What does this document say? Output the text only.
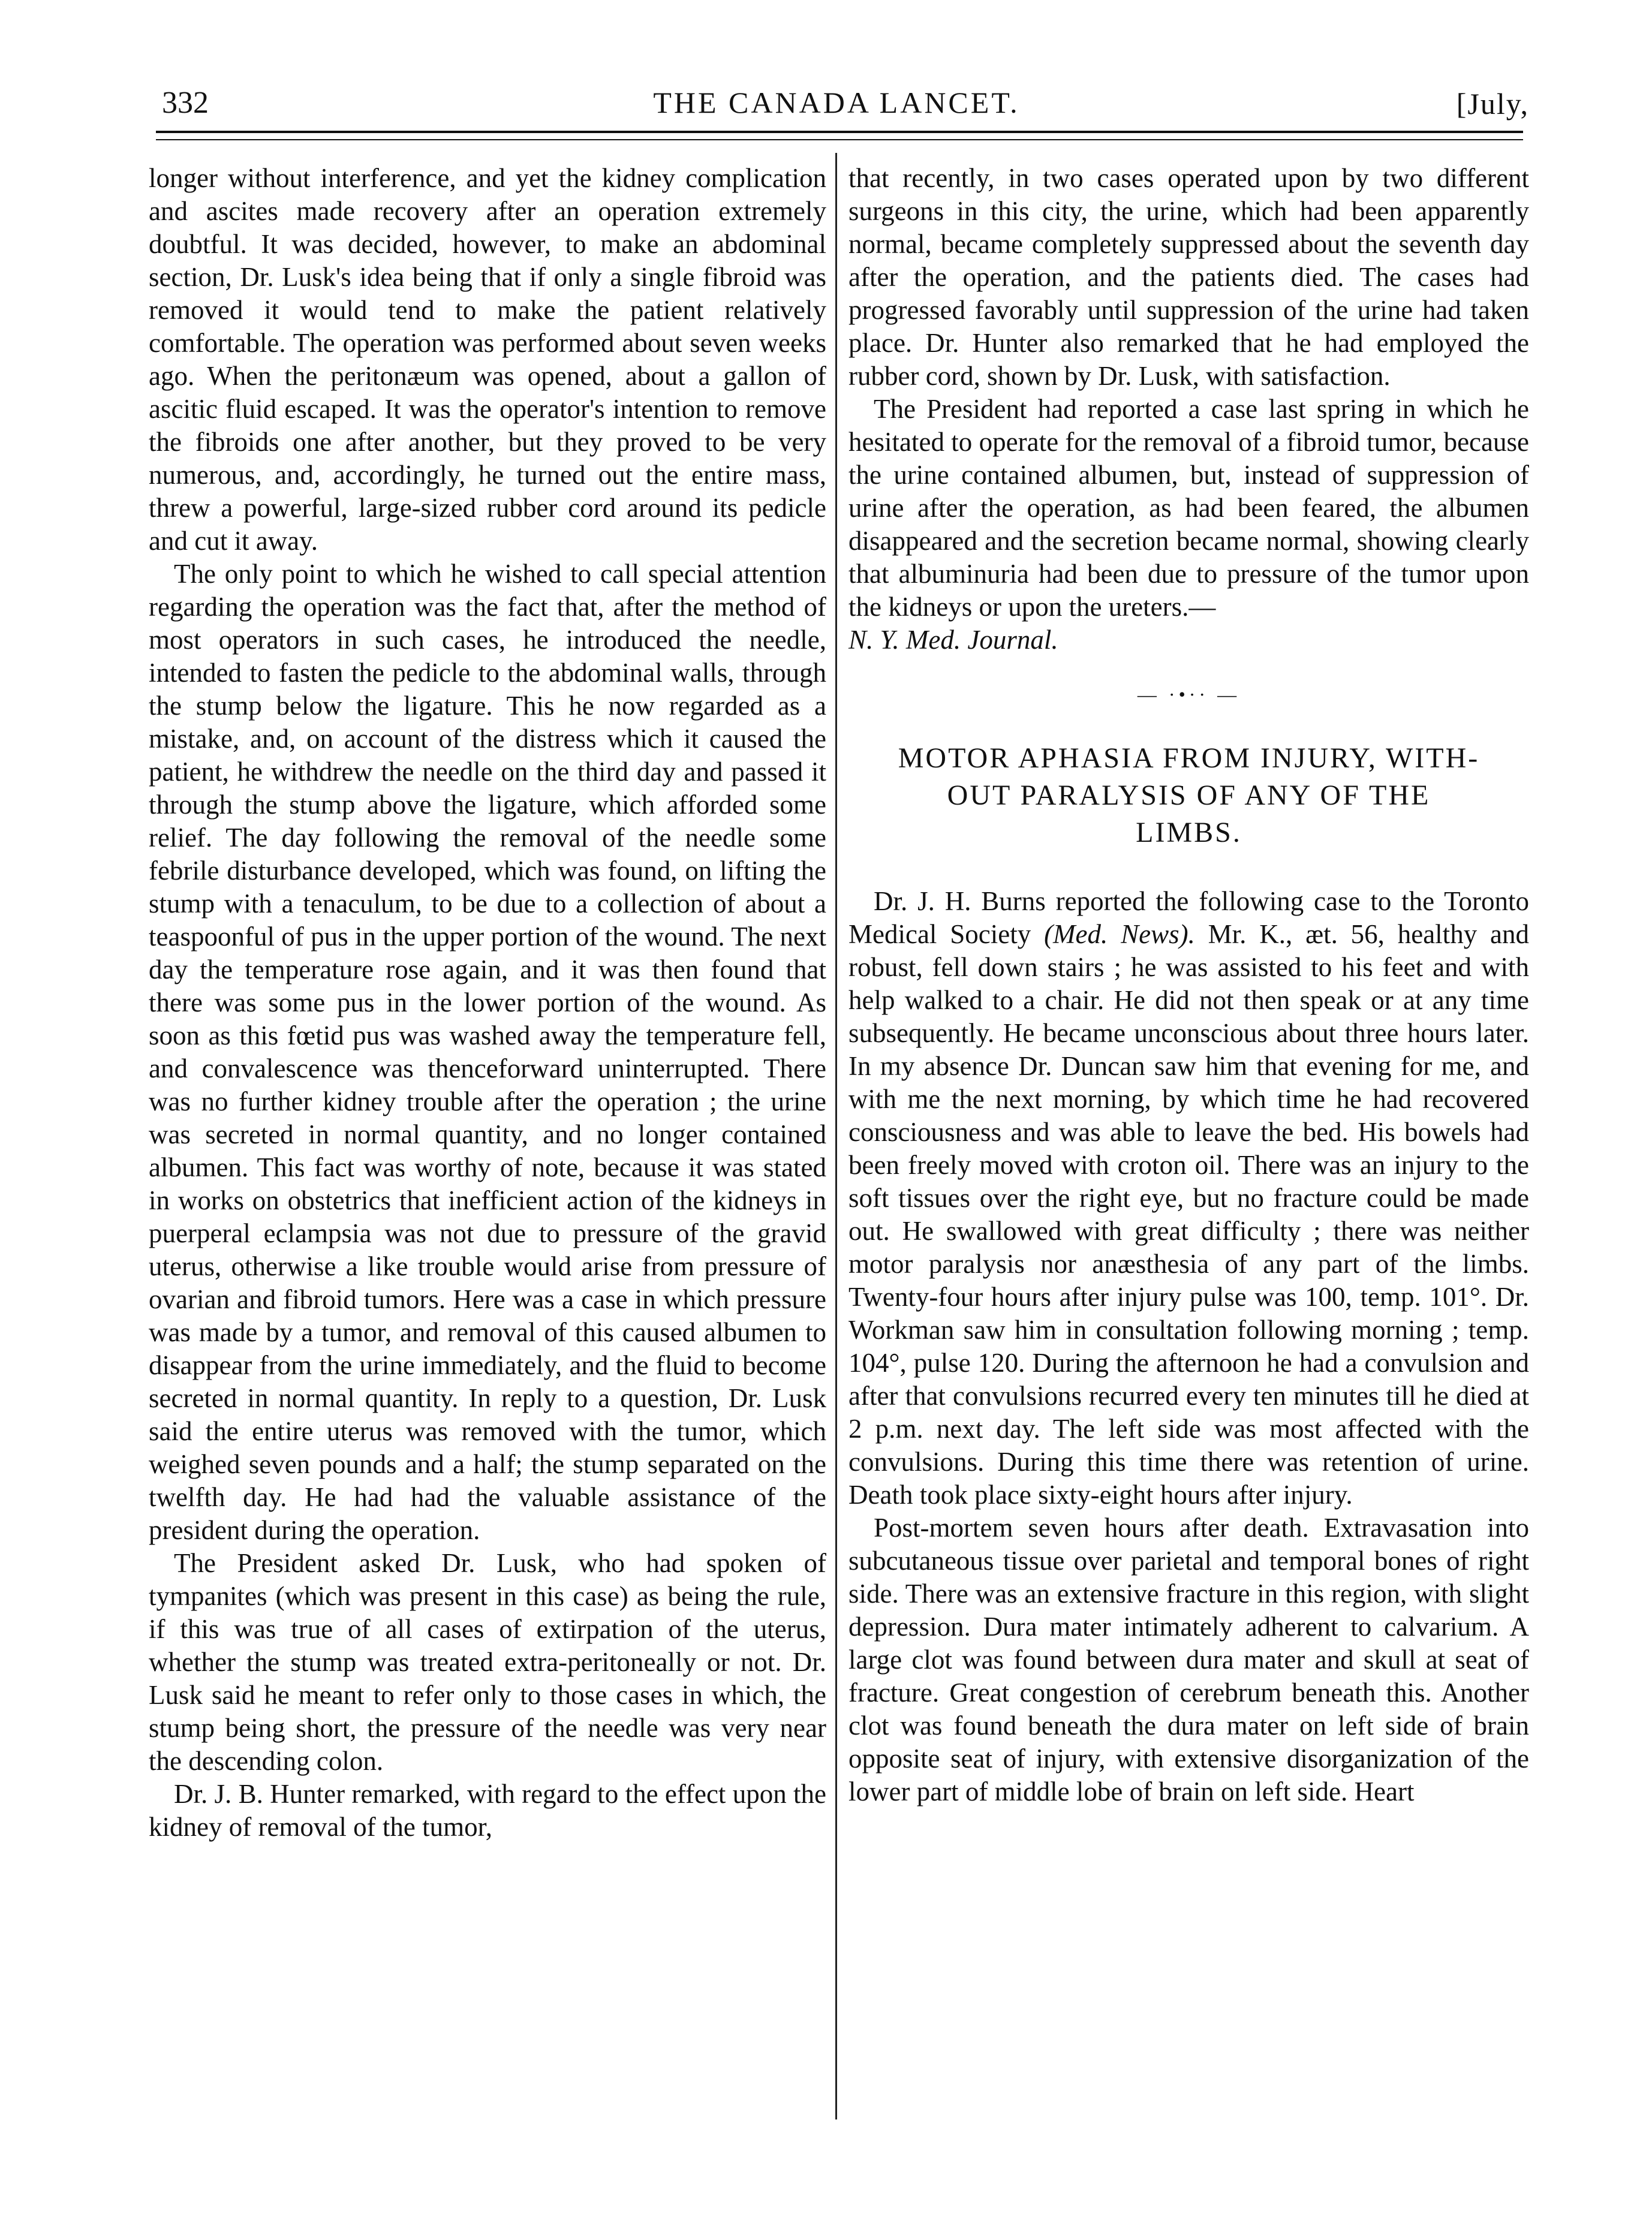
332	THE CANADA LANCET.	[July,

longer without interference, and yet the kidney complication and ascites made recovery after an operation extremely doubtful. It was decided, however, to make an abdominal section, Dr. Lusk's idea being that if only a single fibroid was removed it would tend to make the patient relatively comfortable. The operation was performed about seven weeks ago. When the peritonæum was opened, about a gallon of ascitic fluid escaped. It was the operator's intention to remove the fibroids one after another, but they proved to be very numerous, and, accordingly, he turned out the entire mass, threw a powerful, large-sized rubber cord around its pedicle and cut it away.

The only point to which he wished to call special attention regarding the operation was the fact that, after the method of most operators in such cases, he introduced the needle, intended to fasten the pedicle to the abdominal walls, through the stump below the ligature. This he now regarded as a mistake, and, on account of the distress which it caused the patient, he withdrew the needle on the third day and passed it through the stump above the ligature, which afforded some relief. The day following the removal of the needle some febrile disturbance developed, which was found, on lifting the stump with a tenaculum, to be due to a collection of about a teaspoonful of pus in the upper portion of the wound. The next day the temperature rose again, and it was then found that there was some pus in the lower portion of the wound. As soon as this fœtid pus was washed away the temperature fell, and convalescence was thenceforward uninterrupted. There was no further kidney trouble after the operation ; the urine was secreted in normal quantity, and no longer contained albumen. This fact was worthy of note, because it was stated in works on obstetrics that inefficient action of the kidneys in puerperal eclampsia was not due to pressure of the gravid uterus, otherwise a like trouble would arise from pressure of ovarian and fibroid tumors. Here was a case in which pressure was made by a tumor, and removal of this caused albumen to disappear from the urine immediately, and the fluid to become secreted in normal quantity. In reply to a question, Dr. Lusk said the entire uterus was removed with the tumor, which weighed seven pounds and a half; the stump separated on the twelfth day. He had had the valuable assistance of the president during the operation.

The President asked Dr. Lusk, who had spoken of tympanites (which was present in this case) as being the rule, if this was true of all cases of extirpation of the uterus, whether the stump was treated extra-peritoneally or not. Dr. Lusk said he meant to refer only to those cases in which, the stump being short, the pressure of the needle was very near the descending colon.

Dr. J. B. Hunter remarked, with regard to the effect upon the kidney of removal of the tumor,

that recently, in two cases operated upon by two different surgeons in this city, the urine, which had been apparently normal, became completely suppressed about the seventh day after the operation, and the patients died. The cases had progressed favorably until suppression of the urine had taken place. Dr. Hunter also remarked that he had employed the rubber cord, shown by Dr. Lusk, with satisfaction.

The President had reported a case last spring in which he hesitated to operate for the removal of a fibroid tumor, because the urine contained albumen, but, instead of suppression of urine after the operation, as had been feared, the albumen disappeared and the secretion became normal, showing clearly that albuminuria had been due to pressure of the tumor upon the kidneys or upon the ureters.—
N. Y. Med. Journal.

— ·•·· —
MOTOR APHASIA FROM INJURY, WITH-
OUT PARALYSIS OF ANY OF THE
LIMBS.

Dr. J. H. Burns reported the following case to the Toronto Medical Society (Med. News). Mr. K., æt. 56, healthy and robust, fell down stairs ; he was assisted to his feet and with help walked to a chair. He did not then speak or at any time subsequently. He became unconscious about three hours later. In my absence Dr. Duncan saw him that evening for me, and with me the next morning, by which time he had recovered consciousness and was able to leave the bed. His bowels had been freely moved with croton oil. There was an injury to the soft tissues over the right eye, but no fracture could be made out. He swallowed with great difficulty ; there was neither motor paralysis nor anæsthesia of any part of the limbs. Twenty-four hours after injury pulse was 100, temp. 101°. Dr. Workman saw him in consultation following morning ; temp. 104°, pulse 120. During the afternoon he had a convulsion and after that convulsions recurred every ten minutes till he died at 2 p.m. next day. The left side was most affected with the convulsions. During this time there was retention of urine. Death took place sixty-eight hours after injury.

Post-mortem seven hours after death. Extravasation into subcutaneous tissue over parietal and temporal bones of right side. There was an extensive fracture in this region, with slight depression. Dura mater intimately adherent to calvarium. A large clot was found between dura mater and skull at seat of fracture. Great congestion of cerebrum beneath this. Another clot was found beneath the dura mater on left side of brain opposite seat of injury, with extensive disorganization of the lower part of middle lobe of brain on left side. Heart
